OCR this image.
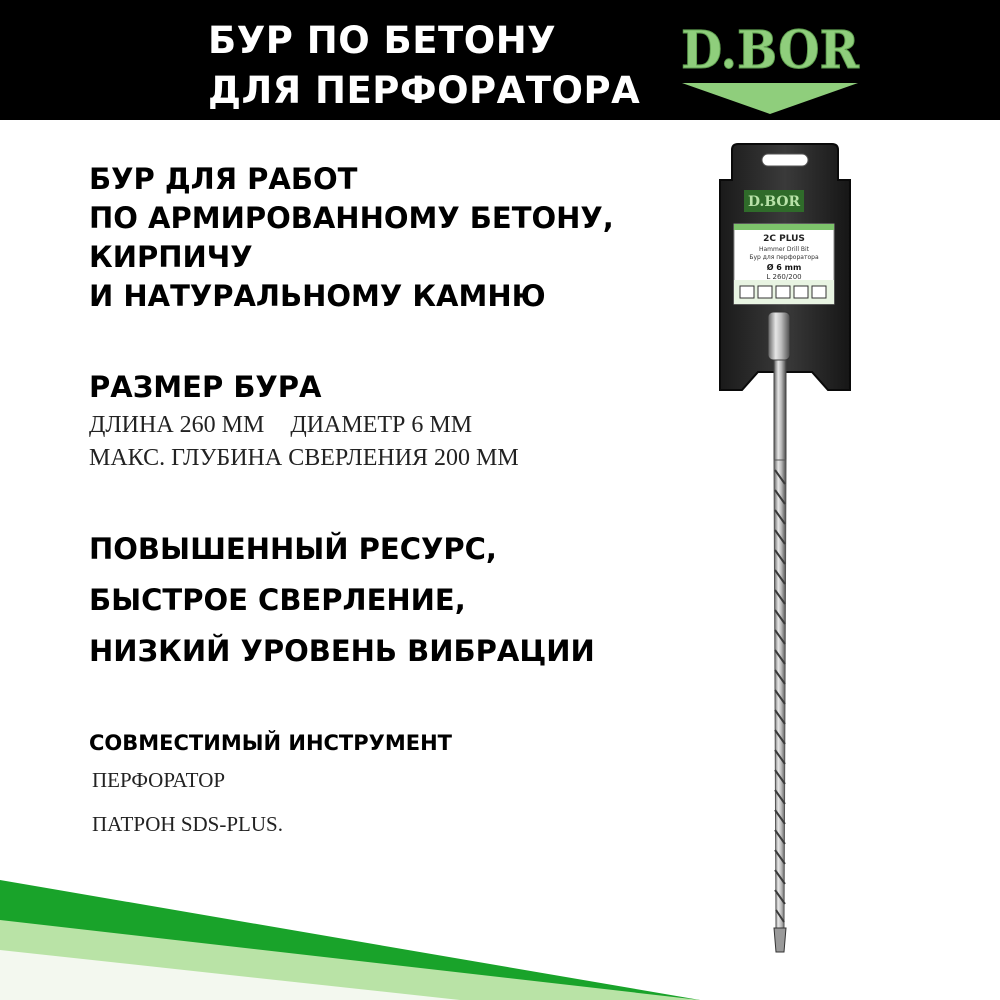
БУР ПО БЕТОНУ
ДЛЯ ПЕРФОРАТОРА
D.BOR
БУР ДЛЯ РАБОТ
ПО АРМИРОВАННОМУ БЕТОНУ,
КИРПИЧУ
И НАТУРАЛЬНОМУ КАМНЮ
РАЗМЕР БУРА

ДЛИНА 260 ММ ДИАМЕТР 6 ММ

МАКС. ГЛУБИНА СВЕРЛЕНИЯ 200 ММ

ПОВЫШЕННЫЙ РЕСУРС,
БЫСТРОЕ СВЕРЛЕНИЕ,
НИЗКИЙ УРОВЕНЬ ВИБРАЦИИ
СОВМЕСТИМЫЙ ИНСТРУМЕНТ

ПЕРФОРАТОР

ПАТРОН SDS-PLUS.

D.BOR
2C PLUS
Hammer Drill Bit
Бур для перфоратора
Ø 6 mm
L 260/200
